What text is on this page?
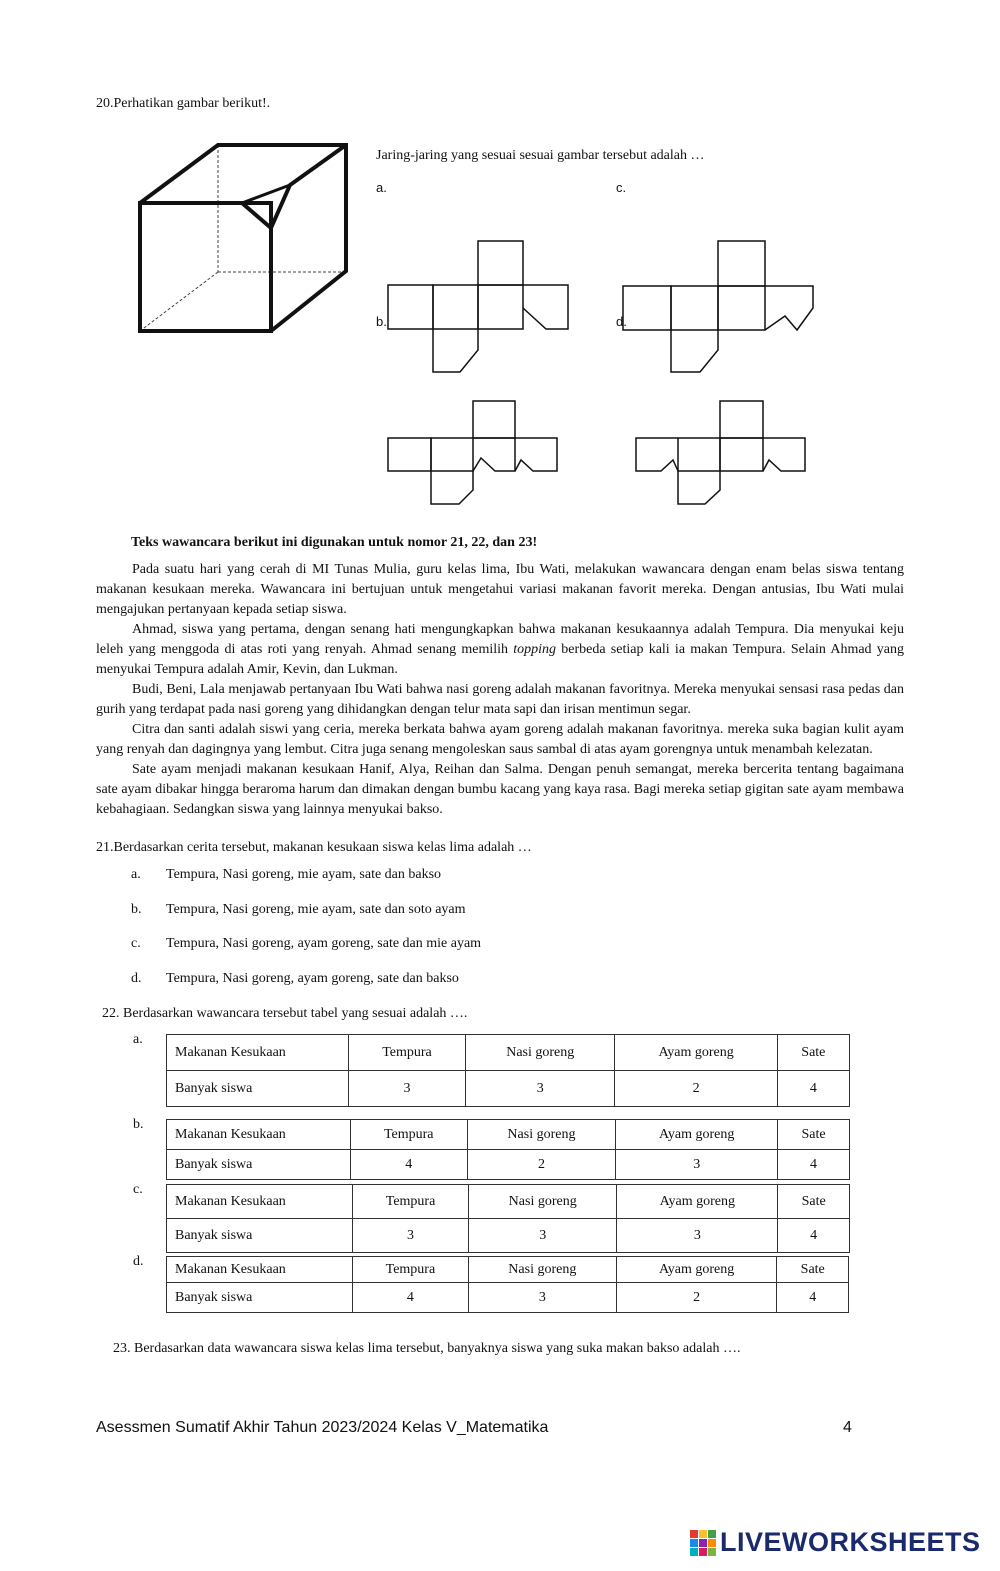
20.Perhatikan gambar berikut!.
Jaring-jaring yang sesuai sesuai gambar tersebut adalah …
a.	c.
b.	d.
Teks wawancara berikut ini digunakan untuk nomor 21, 22, dan 23!

Pada suatu hari yang cerah di MI Tunas Mulia, guru kelas lima, Ibu Wati, melakukan wawancara dengan enam belas siswa tentang makanan kesukaan mereka. Wawancara ini bertujuan untuk mengetahui variasi makanan favorit mereka. Dengan antusias, Ibu Wati mulai mengajukan pertanyaan kepada setiap siswa.

Ahmad, siswa yang pertama, dengan senang hati mengungkapkan bahwa makanan kesukaannya adalah Tempura. Dia menyukai keju leleh yang menggoda di atas roti yang renyah. Ahmad senang memilih topping berbeda setiap kali ia makan Tempura. Selain Ahmad yang menyukai Tempura adalah Amir, Kevin, dan Lukman.

Budi, Beni, Lala menjawab pertanyaan Ibu Wati bahwa nasi goreng adalah makanan favoritnya. Mereka menyukai sensasi rasa pedas dan gurih yang terdapat pada nasi goreng yang dihidangkan dengan telur mata sapi dan irisan mentimun segar.

Citra dan santi adalah siswi yang ceria, mereka berkata bahwa ayam goreng adalah makanan favoritnya. mereka suka bagian kulit ayam yang renyah dan dagingnya yang lembut. Citra juga senang mengoleskan saus sambal di atas ayam gorengnya untuk menambah kelezatan.

Sate ayam menjadi makanan kesukaan Hanif, Alya, Reihan dan Salma. Dengan penuh semangat, mereka bercerita tentang bagaimana sate ayam dibakar hingga beraroma harum dan dimakan dengan bumbu kacang yang kaya rasa. Bagi mereka setiap gigitan sate ayam membawa kebahagiaan. Sedangkan siswa yang lainnya menyukai bakso.

21.Berdasarkan cerita tersebut, makanan kesukaan siswa kelas lima adalah …
a. Tempura, Nasi goreng, mie ayam, sate dan bakso
b. Tempura, Nasi goreng, mie ayam, sate dan soto ayam
c. Tempura, Nasi goreng, ayam goreng, sate dan mie ayam
d. Tempura, Nasi goreng, ayam goreng, sate dan bakso
22. Berdasarkan wawancara tersebut tabel yang sesuai adalah ….
a.
Makanan Kesukaan	Tempura	Nasi goreng	Ayam goreng	Sate
Banyak siswa	3	3	2	4
b.
Makanan Kesukaan	Tempura	Nasi goreng	Ayam goreng	Sate
Banyak siswa	4	2	3	4
c.
Makanan Kesukaan	Tempura	Nasi goreng	Ayam goreng	Sate
Banyak siswa	3	3	3	4
d. Makanan Kesukaan	Tempura	Nasi goreng	Ayam goreng	Sate
Banyak siswa	4	3	2	4
23. Berdasarkan data wawancara siswa kelas lima tersebut, banyaknya siswa yang suka makan bakso adalah ….
Asessmen Sumatif Akhir Tahun 2023/2024 Kelas V_Matematika	4
LIVEWORKSHEETS
